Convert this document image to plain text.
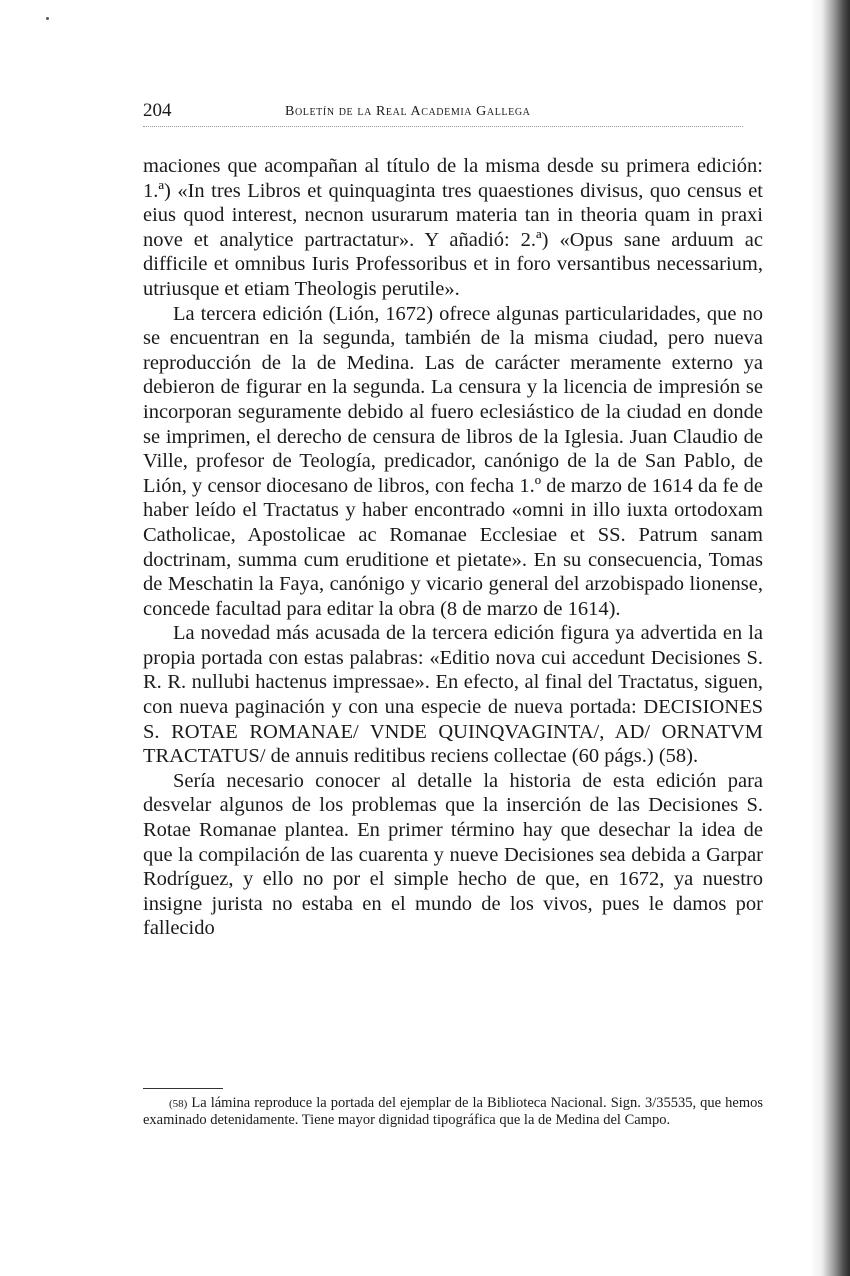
204	Boletín de la Real Academia Gallega

maciones que acompañan al título de la misma desde su primera edición: 1.ª) «In tres Libros et quinquaginta tres quaestiones divisus, quo census et eius quod interest, necnon usurarum materia tan in theoria quam in praxi nove et analytice partractatur». Y añadió: 2.ª) «Opus sane arduum ac difficile et omnibus Iuris Professoribus et in foro versantibus necessarium, utriusque et etiam Theologis perutile».

La tercera edición (Lión, 1672) ofrece algunas particularidades, que no se encuentran en la segunda, también de la misma ciudad, pero nueva reproducción de la de Medina. Las de carácter meramente externo ya debieron de figurar en la segunda. La censura y la licencia de impresión se incorporan seguramente debido al fuero eclesiástico de la ciudad en donde se imprimen, el derecho de censura de libros de la Iglesia. Juan Claudio de Ville, profesor de Teología, predicador, canónigo de la de San Pablo, de Lión, y censor diocesano de libros, con fecha 1.º de marzo de 1614 da fe de haber leído el Tractatus y haber encontrado «omni in illo iuxta ortodoxam Catholicae, Apostolicae ac Romanae Ecclesiae et SS. Patrum sanam doctrinam, summa cum eruditione et pietate». En su consecuencia, Tomas de Meschatin la Faya, canónigo y vicario general del arzobispado lionense, concede facultad para editar la obra (8 de marzo de 1614).

La novedad más acusada de la tercera edición figura ya advertida en la propia portada con estas palabras: «Editio nova cui accedunt Decisiones S. R. R. nullubi hactenus impressae». En efecto, al final del Tractatus, siguen, con nueva paginación y con una especie de nueva portada: DECISIONES S. ROTAE ROMANAE/ VNDE QUINQVAGINTA/, AD/ ORNATVM TRACTATUS/ de annuis reditibus reciens collectae (60 págs.) (58).

Sería necesario conocer al detalle la historia de esta edición para desvelar algunos de los problemas que la inserción de las Decisiones S. Rotae Romanae plantea. En primer término hay que desechar la idea de que la compilación de las cuarenta y nueve Decisiones sea debida a Garpar Rodríguez, y ello no por el simple hecho de que, en 1672, ya nuestro insigne jurista no estaba en el mundo de los vivos, pues le damos por fallecido

(58) La lámina reproduce la portada del ejemplar de la Biblioteca Nacional. Sign. 3/35535, que hemos examinado detenidamente. Tiene mayor dignidad tipográfica que la de Medina del Campo.
